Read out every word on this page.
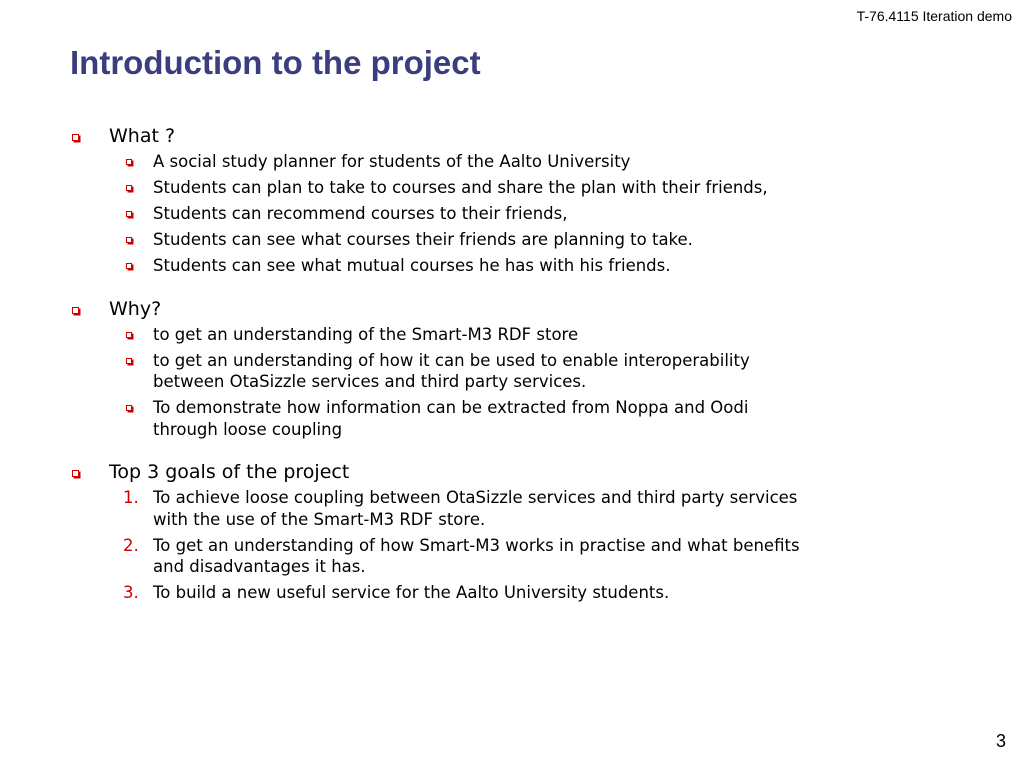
T-76.4115 Iteration demo
Introduction to the project
What ?
A social study planner for students of the Aalto University
Students can plan to take to courses and share the plan with their friends,
Students can recommend courses to their friends,
Students can see what courses their friends are planning to take.
Students can see what mutual courses he has with his friends.
Why?
to get an understanding of the Smart-M3 RDF store
to get an understanding of how it can be used to enable interoperability
between OtaSizzle services and third party services.
To demonstrate how information can be extracted from Noppa and Oodi
through loose coupling
Top 3 goals of the project
1. To achieve loose coupling between OtaSizzle services and third party services
with the use of the Smart-M3 RDF store.
2. To get an understanding of how Smart-M3 works in practise and what benefits
and disadvantages it has.
3. To build a new useful service for the Aalto University students.
3
